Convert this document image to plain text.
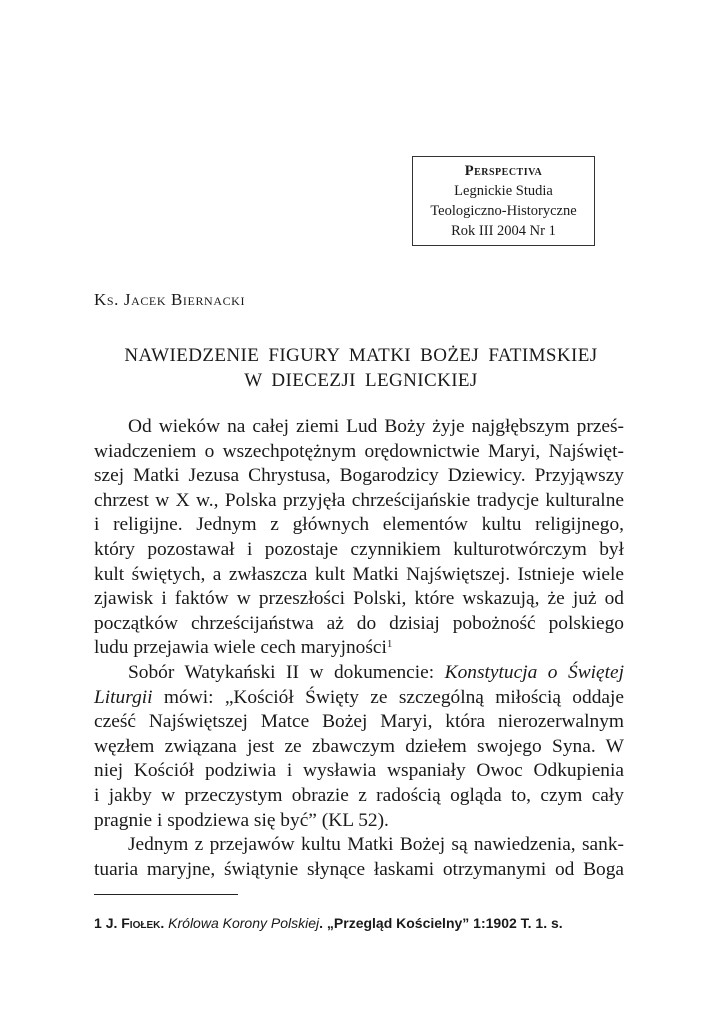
Perspectiva
Legnickie Studia
Teologiczno-Historyczne
Rok III 2004 Nr 1
Ks. Jacek Biernacki
NAWIEDZENIE FIGURY MATKI BOŻEJ FATIMSKIEJ
W DIECEZJI LEGNICKIEJ
Od wieków na całej ziemi Lud Boży żyje najgłębszym prześ-
wiadczeniem o wszechpotężnym orędownictwie Maryi, Najświęt-
szej Matki Jezusa Chrystusa, Bogarodzicy Dziewicy. Przyjąwszy
chrzest w X w., Polska przyjęła chrześcijańskie tradycje kulturalne
i religijne. Jednym z głównych elementów kultu religijnego,
który pozostawał i pozostaje czynnikiem kulturotwórczym był
kult świętych, a zwłaszcza kult Matki Najświętszej. Istnieje wiele
zjawisk i faktów w przeszłości Polski, które wskazują, że już od
początków chrześcijaństwa aż do dzisiaj pobożność polskiego
ludu przejawia wiele cech maryjności$^1$
Sobór Watykański II w dokumencie: Konstytucja o Świętej
Liturgii mówi: „Kościół Święty ze szczególną miłością oddaje
cześć Najświętszej Matce Bożej Maryi, która nierozerwalnym
węzłem związana jest ze zbawczym dziełem swojego Syna. W
niej Kościół podziwia i wysławia wspaniały Owoc Odkupienia
i jakby w przeczystym obrazie z radością ogląda to, czym cały
pragnie i spodziewa się być” (KL 52).
Jednym z przejawów kultu Matki Bożej są nawiedzenia, sank-
tuaria maryjne, świątynie słynące łaskami otrzymanymi od Boga
1 J. Fiołek. Królowa Korony Polskiej. „Przegląd Kościelny” 1:1902 T. 1. s.
